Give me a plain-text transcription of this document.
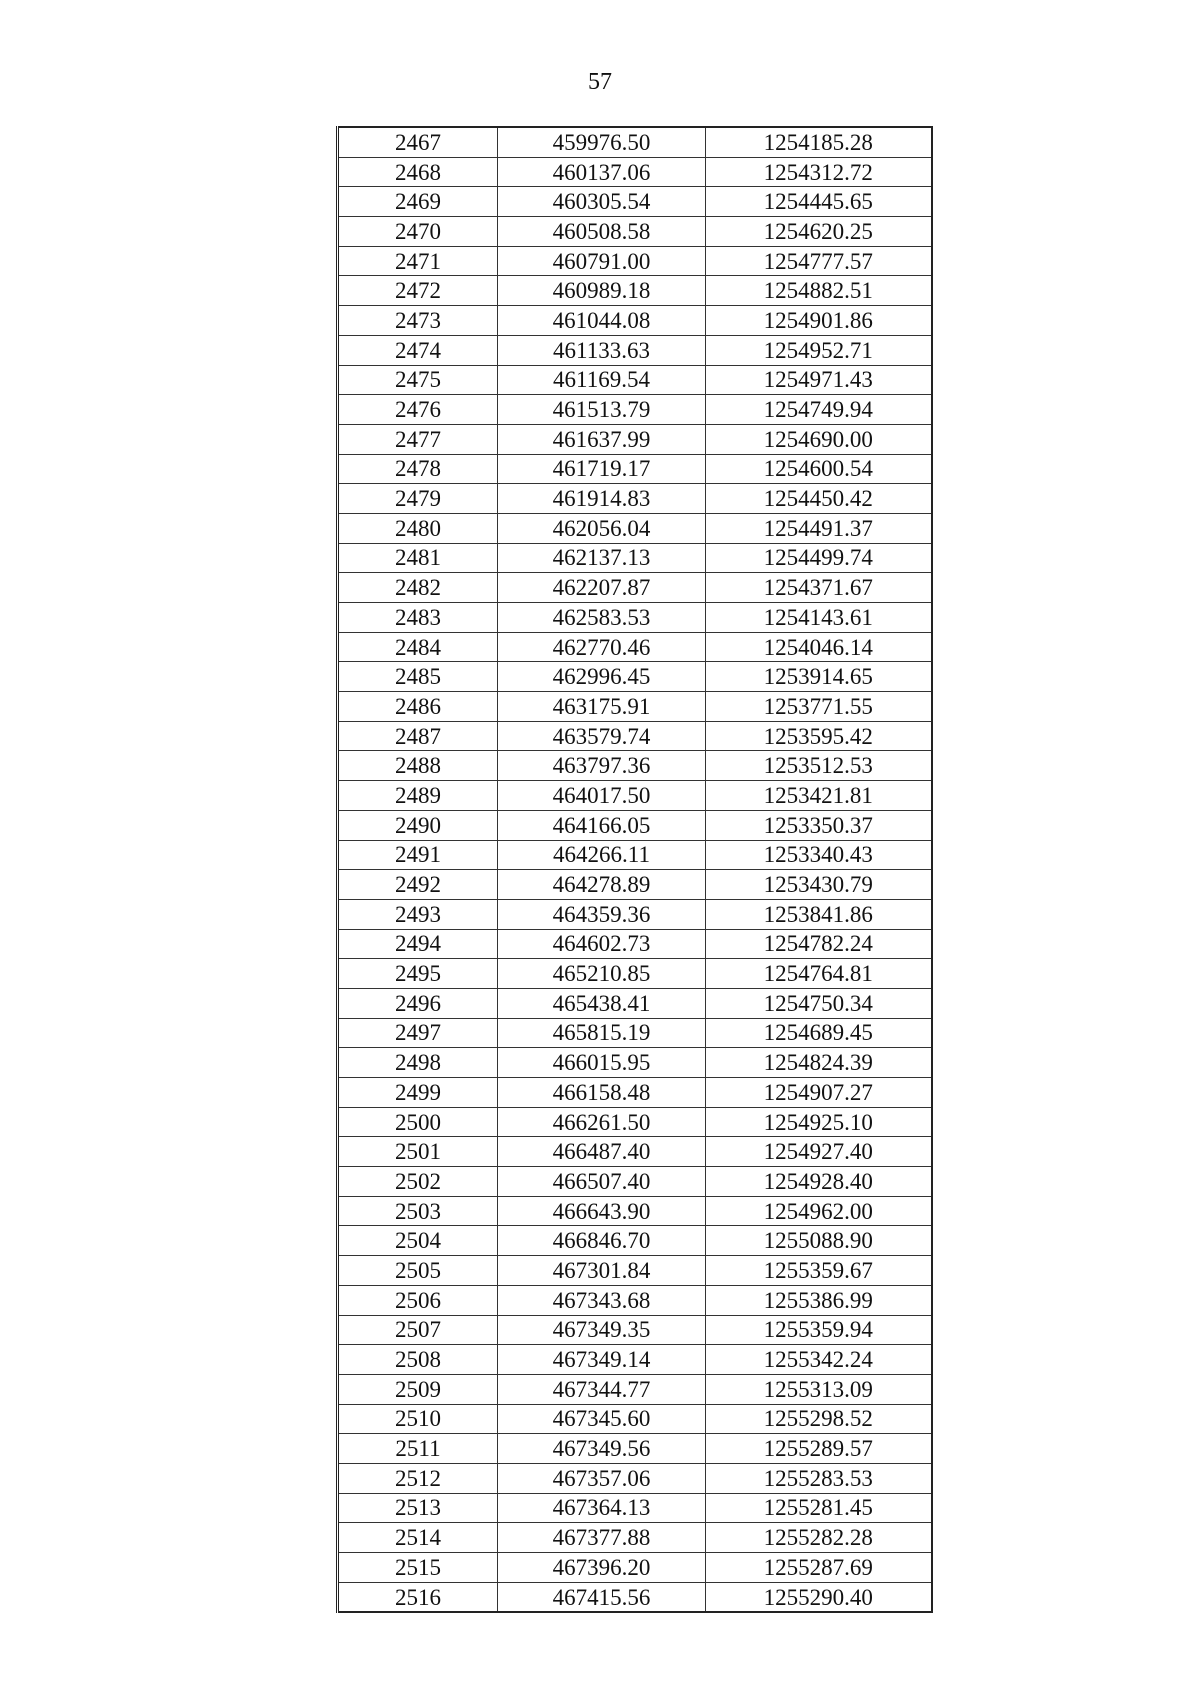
57
2467	459976.50	1254185.28
2468	460137.06	1254312.72
2469	460305.54	1254445.65
2470	460508.58	1254620.25
2471	460791.00	1254777.57
2472	460989.18	1254882.51
2473	461044.08	1254901.86
2474	461133.63	1254952.71
2475	461169.54	1254971.43
2476	461513.79	1254749.94
2477	461637.99	1254690.00
2478	461719.17	1254600.54
2479	461914.83	1254450.42
2480	462056.04	1254491.37
2481	462137.13	1254499.74
2482	462207.87	1254371.67
2483	462583.53	1254143.61
2484	462770.46	1254046.14
2485	462996.45	1253914.65
2486	463175.91	1253771.55
2487	463579.74	1253595.42
2488	463797.36	1253512.53
2489	464017.50	1253421.81
2490	464166.05	1253350.37
2491	464266.11	1253340.43
2492	464278.89	1253430.79
2493	464359.36	1253841.86
2494	464602.73	1254782.24
2495	465210.85	1254764.81
2496	465438.41	1254750.34
2497	465815.19	1254689.45
2498	466015.95	1254824.39
2499	466158.48	1254907.27
2500	466261.50	1254925.10
2501	466487.40	1254927.40
2502	466507.40	1254928.40
2503	466643.90	1254962.00
2504	466846.70	1255088.90
2505	467301.84	1255359.67
2506	467343.68	1255386.99
2507	467349.35	1255359.94
2508	467349.14	1255342.24
2509	467344.77	1255313.09
2510	467345.60	1255298.52
2511	467349.56	1255289.57
2512	467357.06	1255283.53
2513	467364.13	1255281.45
2514	467377.88	1255282.28
2515	467396.20	1255287.69
2516	467415.56	1255290.40
